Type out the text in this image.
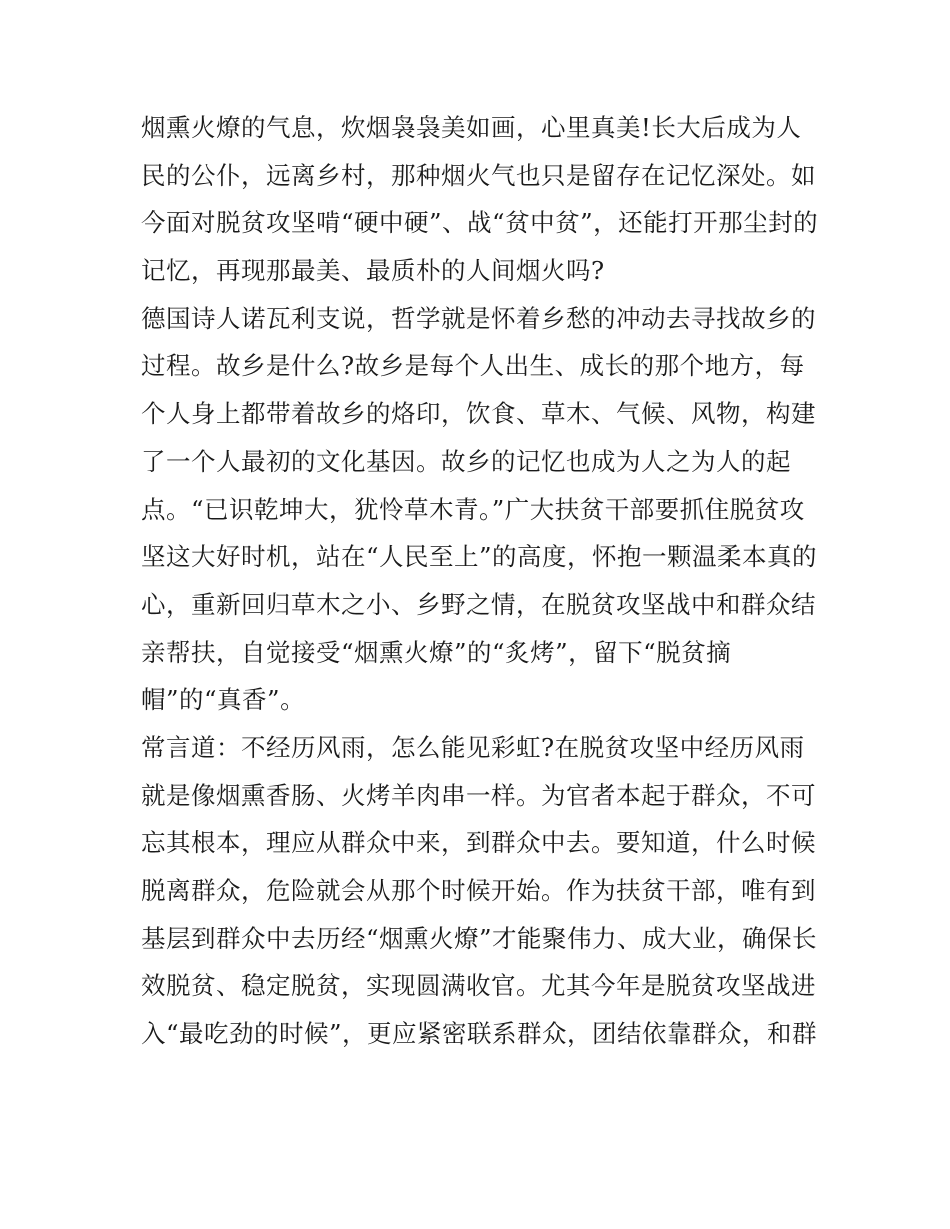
烟熏火燎的气息，炊烟袅袅美如画，心里真美!长大后成为人
民的公仆，远离乡村，那种烟火气也只是留存在记忆深处。如
今面对脱贫攻坚啃“硬中硬”、战“贫中贫”，还能打开那尘封的
记忆，再现那最美、最质朴的人间烟火吗?
德国诗人诺瓦利支说，哲学就是怀着乡愁的冲动去寻找故乡的
过程。故乡是什么?故乡是每个人出生、成长的那个地方，每
个人身上都带着故乡的烙印，饮食、草木、气候、风物，构建
了一个人最初的文化基因。故乡的记忆也成为人之为人的起
点。“已识乾坤大，犹怜草木青。”广大扶贫干部要抓住脱贫攻
坚这大好时机，站在“人民至上”的高度，怀抱一颗温柔本真的
心，重新回归草木之小、乡野之情，在脱贫攻坚战中和群众结
亲帮扶，自觉接受“烟熏火燎”的“炙烤”，留下“脱贫摘
帽”的“真香”。
常言道：不经历风雨，怎么能见彩虹?在脱贫攻坚中经历风雨
就是像烟熏香肠、火烤羊肉串一样。为官者本起于群众，不可
忘其根本，理应从群众中来，到群众中去。要知道，什么时候
脱离群众，危险就会从那个时候开始。作为扶贫干部，唯有到
基层到群众中去历经“烟熏火燎”才能聚伟力、成大业，确保长
效脱贫、稳定脱贫，实现圆满收官。尤其今年是脱贫攻坚战进
入“最吃劲的时候”，更应紧密联系群众，团结依靠群众，和群
